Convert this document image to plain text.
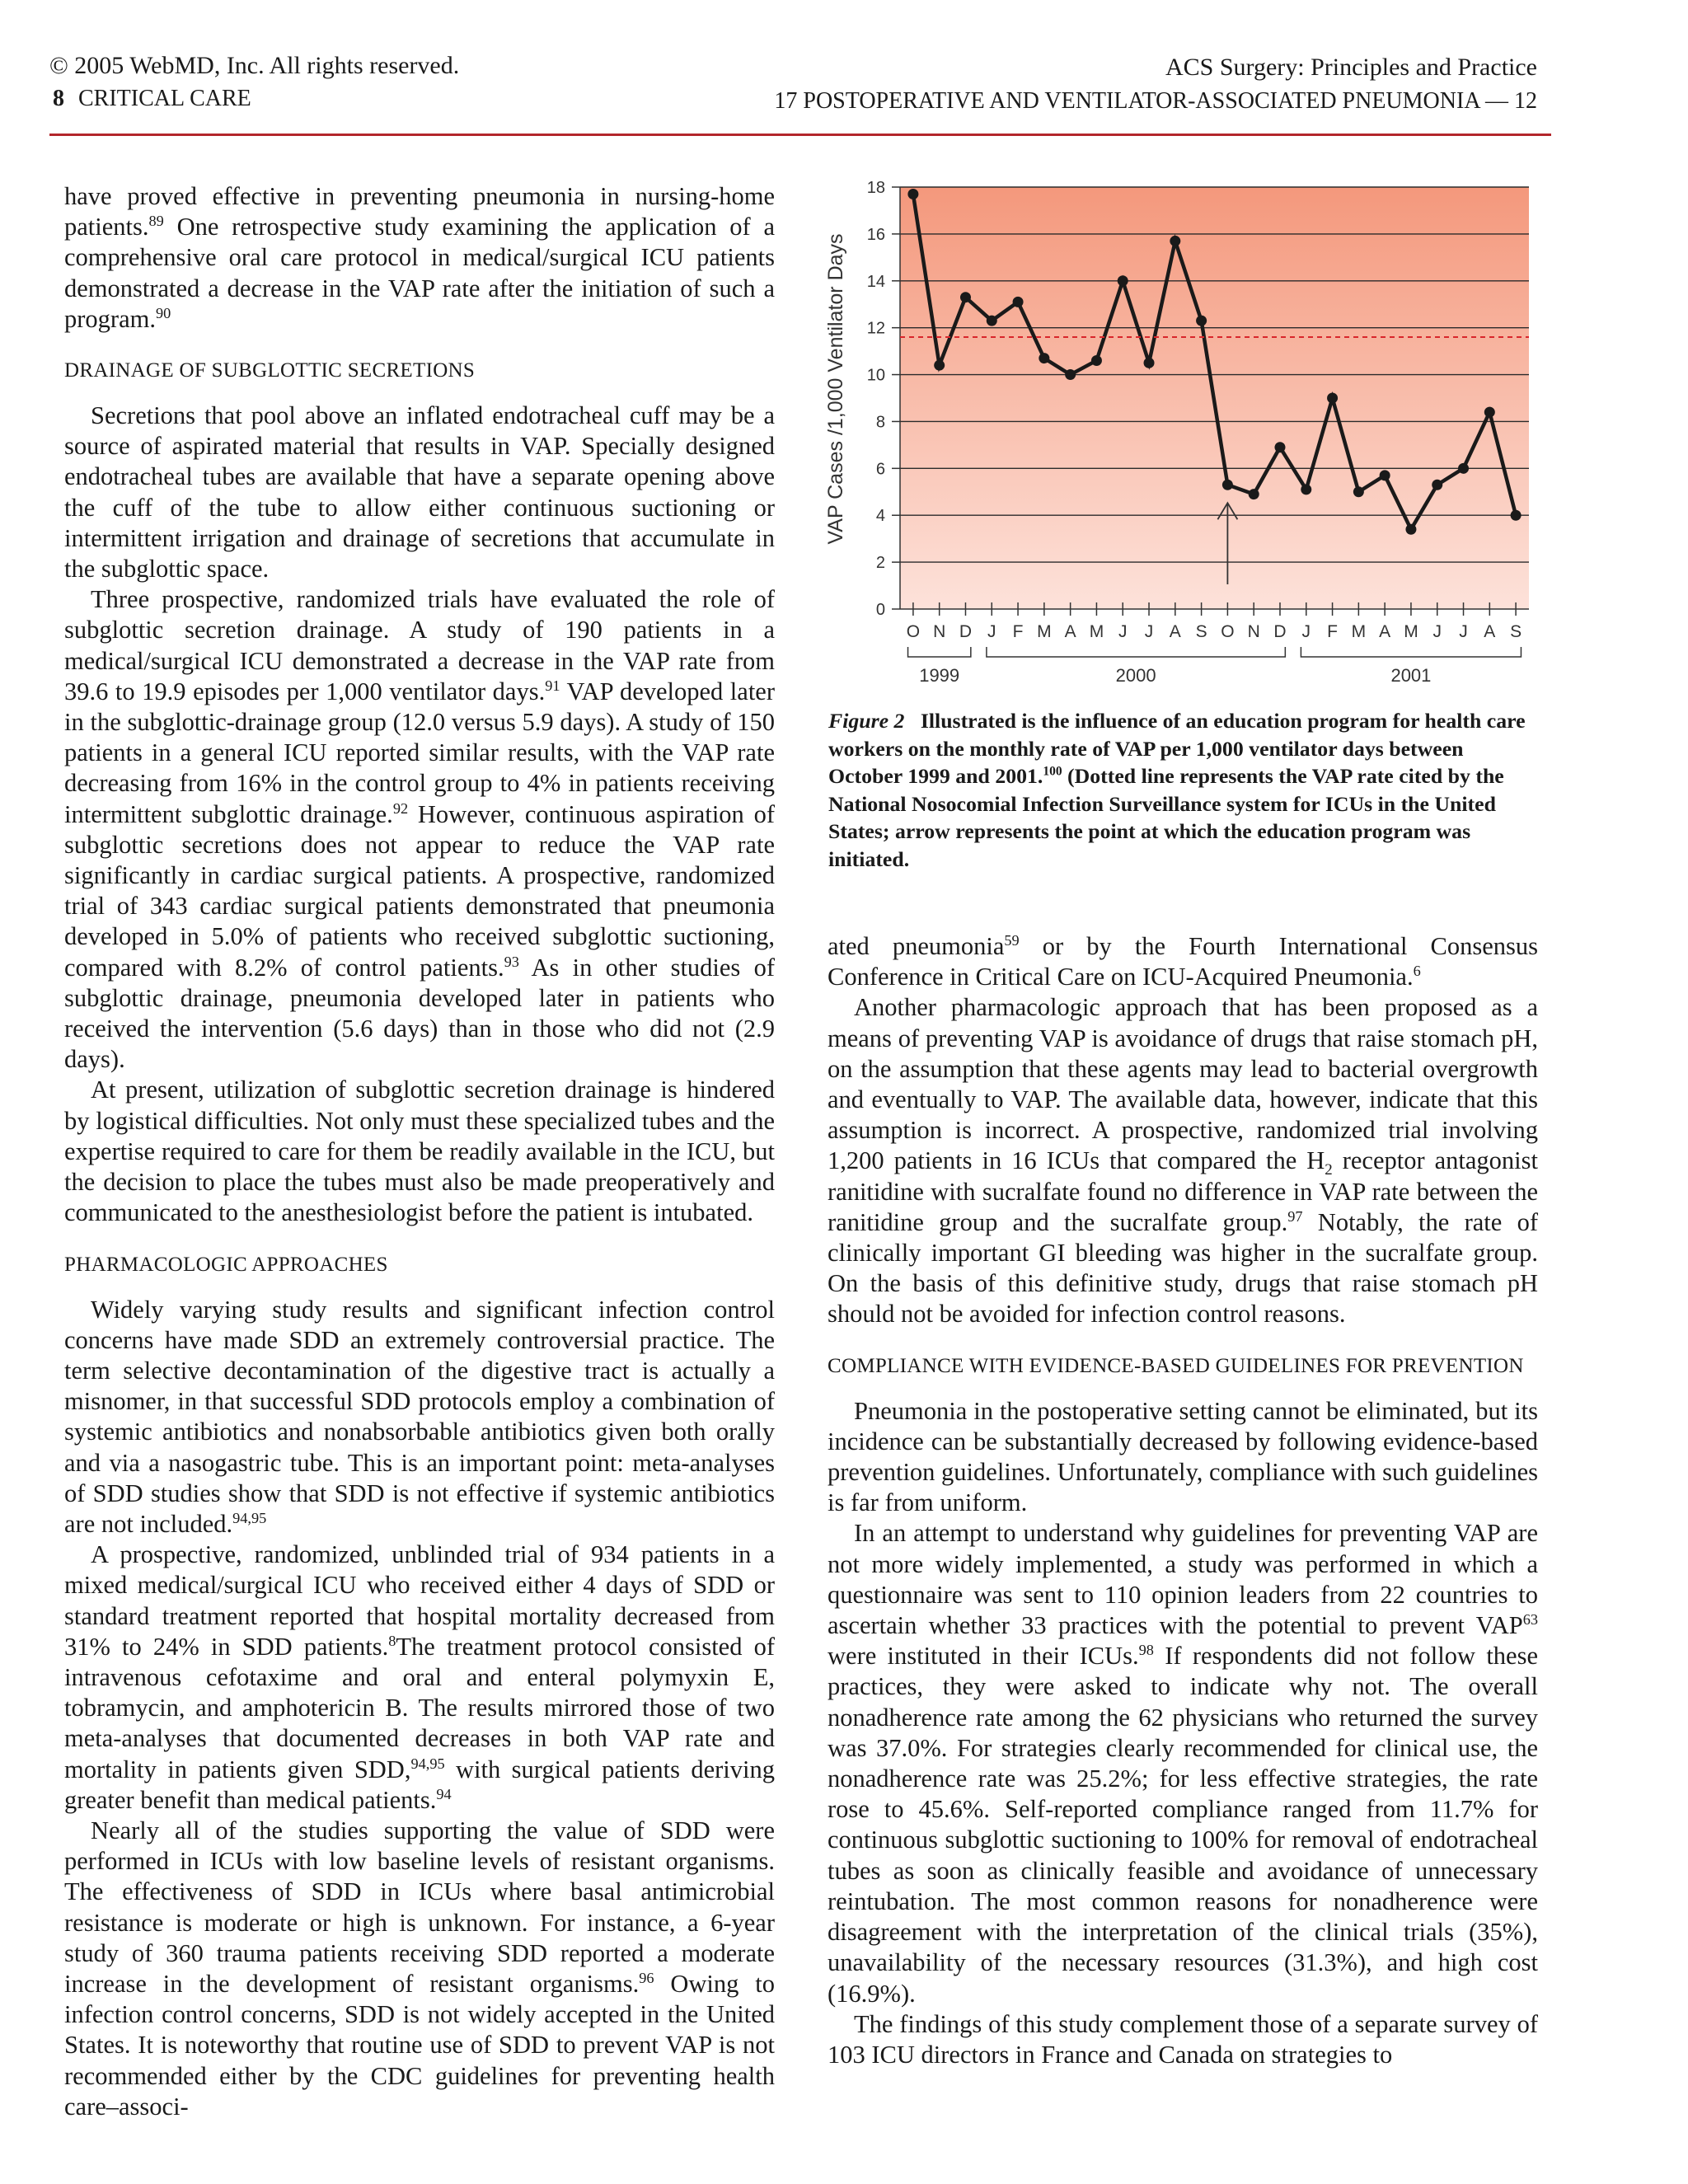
© 2005 WebMD, Inc. All rights reserved.	ACS Surgery: Principles and Practice
8 CRITICAL CARE	17 POSTOPERATIVE AND VENTILATOR-ASSOCIATED PNEUMONIA — 12

have proved effective in preventing pneumonia in nursing-home patients.$^{89}$ One retrospective study examining the application of a comprehensive oral care protocol in medical/surgical ICU patients demonstrated a decrease in the VAP rate after the initiation of such a program.$^{90}$

DRAINAGE OF SUBGLOTTIC SECRETIONS

Secretions that pool above an inflated endotracheal cuff may be a source of aspirated material that results in VAP. Specially designed endotracheal tubes are available that have a separate opening above the cuff of the tube to allow either continuous suctioning or intermittent irrigation and drainage of secretions that accumulate in the subglottic space.

Three prospective, randomized trials have evaluated the role of subglottic secretion drainage. A study of 190 patients in a medical/surgical ICU demonstrated a decrease in the VAP rate from 39.6 to 19.9 episodes per 1,000 ventilator days.$^{91}$ VAP developed later in the subglottic-drainage group (12.0 versus 5.9 days). A study of 150 patients in a general ICU reported similar results, with the VAP rate decreasing from 16% in the control group to 4% in patients receiving intermittent subglottic drainage.$^{92}$ However, continuous aspiration of subglottic secretions does not appear to reduce the VAP rate significantly in cardiac surgical patients. A prospective, randomized trial of 343 cardiac surgical patients demonstrated that pneumonia developed in 5.0% of patients who received subglottic suctioning, compared with 8.2% of control patients.$^{93}$ As in other studies of subglottic drainage, pneumonia developed later in patients who received the intervention (5.6 days) than in those who did not (2.9 days).

At present, utilization of subglottic secretion drainage is hindered by logistical difficulties. Not only must these specialized tubes and the expertise required to care for them be readily available in the ICU, but the decision to place the tubes must also be made preoperatively and communicated to the anesthesiologist before the patient is intubated.

PHARMACOLOGIC APPROACHES

Widely varying study results and significant infection control concerns have made SDD an extremely controversial practice. The term selective decontamination of the digestive tract is actually a misnomer, in that successful SDD protocols employ a combination of systemic antibiotics and nonabsorbable antibiotics given both orally and via a nasogastric tube. This is an important point: meta-analyses of SDD studies show that SDD is not effective if systemic antibiotics are not included.$^{94,95}$

A prospective, randomized, unblinded trial of 934 patients in a mixed medical/surgical ICU who received either 4 days of SDD or standard treatment reported that hospital mortality decreased from 31% to 24% in SDD patients.$^8$The treatment protocol consisted of intravenous cefotaxime and oral and enteral polymyxin E, tobramycin, and amphotericin B. The results mirrored those of two meta-analyses that documented decreases in both VAP rate and mortality in patients given SDD,$^{94,95}$ with surgical patients deriving greater benefit than medical patients.$^{94}$

Nearly all of the studies supporting the value of SDD were performed in ICUs with low baseline levels of resistant organisms. The effectiveness of SDD in ICUs where basal antimicrobial resistance is moderate or high is unknown. For instance, a 6-year study of 360 trauma patients receiving SDD reported a moderate increase in the development of resistant organisms.$^{96}$ Owing to infection control concerns, SDD is not widely accepted in the United States. It is noteworthy that routine use of SDD to prevent VAP is not recommended either by the CDC guidelines for preventing health care–associ-

VAP Cases /1,000 Ventilator Days
0
2
4
6
8
10
12
14
16
18
O N D J F M A M J J A S O N D J F M A M J J A S
1999	2000	2001
Figure 2 Illustrated is the influence of an education program for health care workers on the monthly rate of VAP per 1,000 ventilator days between October 1999 and 2001.$^{100}$ (Dotted line represents the VAP rate cited by the National Nosocomial Infection Surveillance system for ICUs in the United States; arrow represents the point at which the education program was initiated.

ated pneumonia$^{59}$ or by the Fourth International Consensus Conference in Critical Care on ICU-Acquired Pneumonia.$^6$

Another pharmacologic approach that has been proposed as a means of preventing VAP is avoidance of drugs that raise stomach pH, on the assumption that these agents may lead to bacterial overgrowth and eventually to VAP. The available data, however, indicate that this assumption is incorrect. A prospective, randomized trial involving 1,200 patients in 16 ICUs that compared the $H_2$ receptor antagonist ranitidine with sucralfate found no difference in VAP rate between the ranitidine group and the sucralfate group.$^{97}$ Notably, the rate of clinically important GI bleeding was higher in the sucralfate group. On the basis of this definitive study, drugs that raise stomach pH should not be avoided for infection control reasons.

COMPLIANCE WITH EVIDENCE-BASED GUIDELINES FOR PREVENTION

Pneumonia in the postoperative setting cannot be eliminated, but its incidence can be substantially decreased by following evidence-based prevention guidelines. Unfortunately, compliance with such guidelines is far from uniform.

In an attempt to understand why guidelines for preventing VAP are not more widely implemented, a study was performed in which a questionnaire was sent to 110 opinion leaders from 22 countries to ascertain whether 33 practices with the potential to prevent VAP$^{63}$ were instituted in their ICUs.$^{98}$ If respondents did not follow these practices, they were asked to indicate why not. The overall nonadherence rate among the 62 physicians who returned the survey was 37.0%. For strategies clearly recommended for clinical use, the nonadherence rate was 25.2%; for less effective strategies, the rate rose to 45.6%. Self-reported compliance ranged from 11.7% for continuous subglottic suctioning to 100% for removal of endotracheal tubes as soon as clinically feasible and avoidance of unnecessary reintubation. The most common reasons for nonadherence were disagreement with the interpretation of the clinical trials (35%), unavailability of the necessary resources (31.3%), and high cost (16.9%).

The findings of this study complement those of a separate survey of 103 ICU directors in France and Canada on strategies to
